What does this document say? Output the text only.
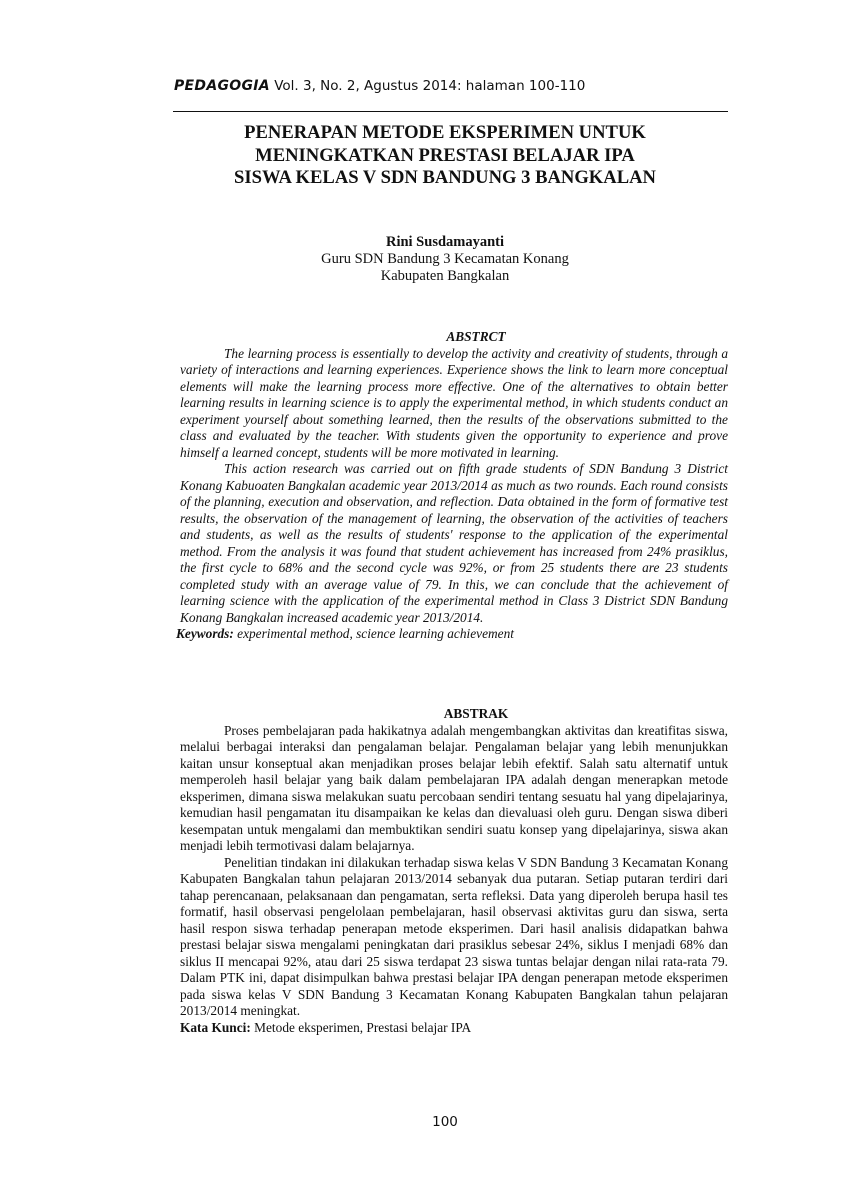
PEDAGOGIA Vol. 3, No. 2, Agustus 2014: halaman 100-110
PENERAPAN METODE EKSPERIMEN UNTUK
MENINGKATKAN PRESTASI BELAJAR IPA
SISWA KELAS V SDN BANDUNG 3 BANGKALAN
Rini Susdamayanti
Guru SDN Bandung 3 Kecamatan Konang
Kabupaten Bangkalan

ABSTRCT

The learning process is essentially to develop the activity and creativity of students, through a variety of interactions and learning experiences. Experience shows the link to learn more conceptual elements will make the learning process more effective. One of the alternatives to obtain better learning results in learning science is to apply the experimental method, in which students conduct an experiment yourself about something learned, then the results of the observations submitted to the class and evaluated by the teacher. With students given the opportunity to experience and prove himself a learned concept, students will be more motivated in learning.

This action research was carried out on fifth grade students of SDN Bandung 3 District Konang Kabuoaten Bangkalan academic year 2013/2014 as much as two rounds. Each round consists of the planning, execution and observation, and reflection. Data obtained in the form of formative test results, the observation of the management of learning, the observation of the activities of teachers and students, as well as the results of students' response to the application of the experimental method. From the analysis it was found that student achievement has increased from 24% prasiklus, the first cycle to 68% and the second cycle was 92%, or from 25 students there are 23 students completed study with an average value of 79. In this, we can conclude that the achievement of learning science with the application of the experimental method in Class 3 District SDN Bandung Konang Bangkalan increased academic year 2013/2014.

Keywords: experimental method, science learning achievement

ABSTRAK

Proses pembelajaran pada hakikatnya adalah mengembangkan aktivitas dan kreatifitas siswa, melalui berbagai interaksi dan pengalaman belajar. Pengalaman belajar yang lebih menunjukkan kaitan unsur konseptual akan menjadikan proses belajar lebih efektif. Salah satu alternatif untuk memperoleh hasil belajar yang baik dalam pembelajaran IPA adalah dengan menerapkan metode eksperimen, dimana siswa melakukan suatu percobaan sendiri tentang sesuatu hal yang dipelajarinya, kemudian hasil pengamatan itu disampaikan ke kelas dan dievaluasi oleh guru. Dengan siswa diberi kesempatan untuk mengalami dan membuktikan sendiri suatu konsep yang dipelajarinya, siswa akan menjadi lebih termotivasi dalam belajarnya.

Penelitian tindakan ini dilakukan terhadap siswa kelas V SDN Bandung 3 Kecamatan Konang Kabupaten Bangkalan tahun pelajaran 2013/2014 sebanyak dua putaran. Setiap putaran terdiri dari tahap perencanaan, pelaksanaan dan pengamatan, serta refleksi. Data yang diperoleh berupa hasil tes formatif, hasil observasi pengelolaan pembelajaran, hasil observasi aktivitas guru dan siswa, serta hasil respon siswa terhadap penerapan metode eksperimen. Dari hasil analisis didapatkan bahwa prestasi belajar siswa mengalami peningkatan dari prasiklus sebesar 24%, siklus I menjadi 68% dan siklus II mencapai 92%, atau dari 25 siswa terdapat 23 siswa tuntas belajar dengan nilai rata-rata 79. Dalam PTK ini, dapat disimpulkan bahwa prestasi belajar IPA dengan penerapan metode eksperimen pada siswa kelas V SDN Bandung 3 Kecamatan Konang Kabupaten Bangkalan tahun pelajaran 2013/2014 meningkat.

Kata Kunci: Metode eksperimen, Prestasi belajar IPA

100
